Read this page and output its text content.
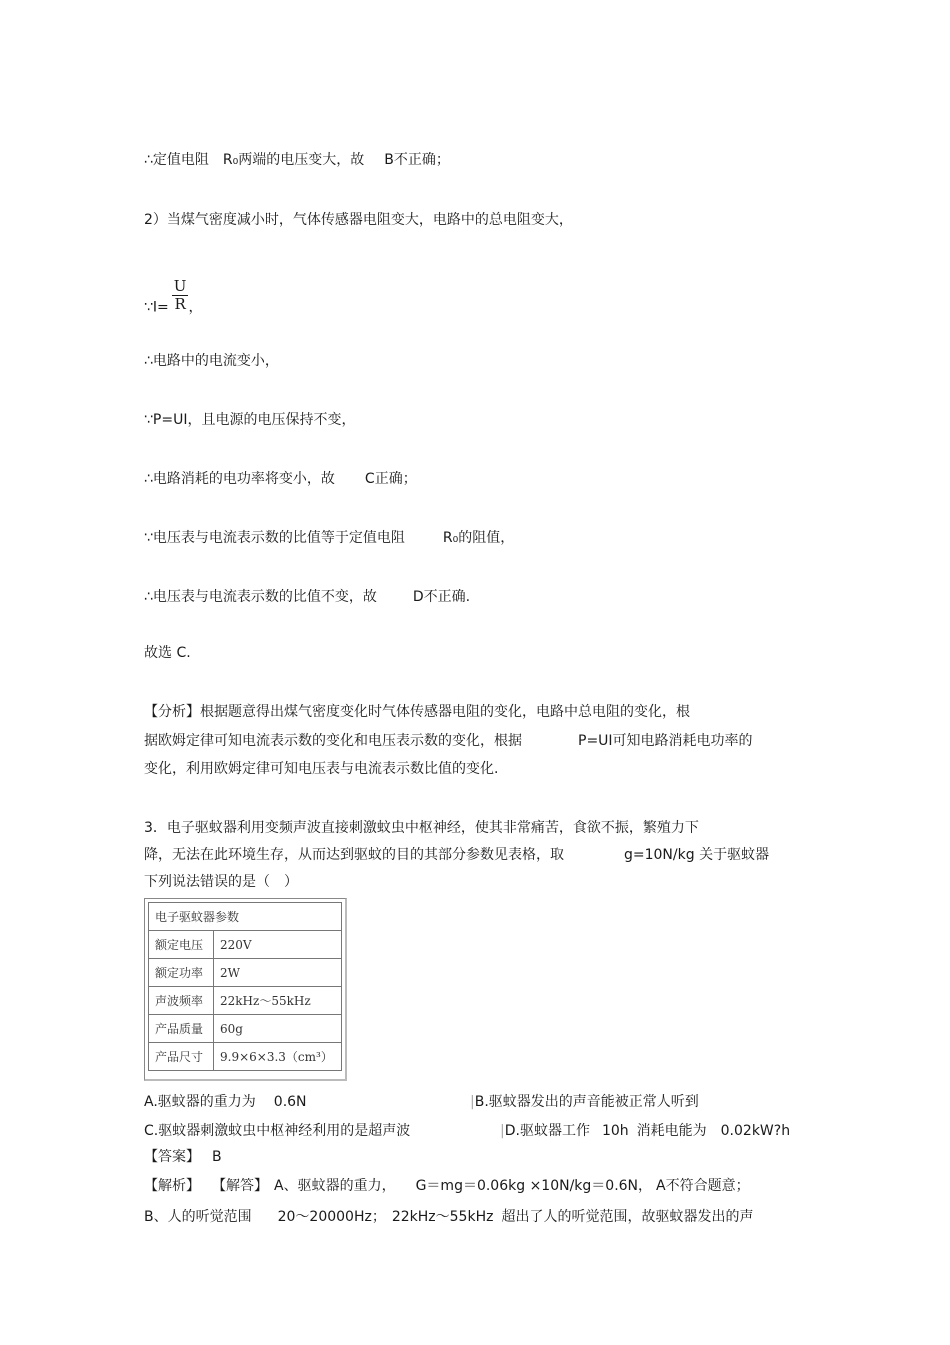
∴定值电阻 R₀两端的电压变大，故 B不正确；
2）当煤气密度减小时，气体传感器电阻变大，电路中的总电阻变大，
∵I= $\frac{U}{R}$ ，
∴电路中的电流变小，
∵P=UI，且电源的电压保持不变，
∴电路消耗的电功率将变小，故 C正确；
∵电压表与电流表示数的比值等于定值电阻	R₀的阻值，
∴电压表与电流表示数的比值不变，故	D不正确.
故选 C.
【分析】根据题意得出煤气密度变化时气体传感器电阻的变化，电路中总电阻的变化，根
据欧姆定律可知电流表示数的变化和电压表示数的变化，根据	P=UI可知电路消耗电功率的
变化，利用欧姆定律可知电压表与电流表示数比值的变化.
3．电子驱蚊器利用变频声波直接刺激蚊虫中枢神经，使其非常痛苦，食欲不振，繁殖力下
降，无法在此环境生存，从而达到驱蚊的目的其部分参数见表格，取	g=10N/kg 关于驱蚊器
下列说法错误的是（　）
电子驱蚊器参数	
额定电压	220V
额定功率	2W
声波频率	22kHz～55kHz
产品质量	60g
产品尺寸	9.9×6×3.3（cm³）
A.驱蚊器的重力为 0.6N	|B.驱蚊器发出的声音能被正常人听到
C.驱蚊器刺激蚊虫中枢神经利用的是超声波	|D.驱蚊器工作 10h 消耗电能为 0.02kW?h
【答案】 B
【解析】 【解答】 A、驱蚊器的重力， G＝mg＝0.06kg ×10N/kg＝0.6N， A不符合题意；
B、人的听觉范围 20～20000Hz； 22kHz～55kHz 超出了人的听觉范围，故驱蚊器发出的声
